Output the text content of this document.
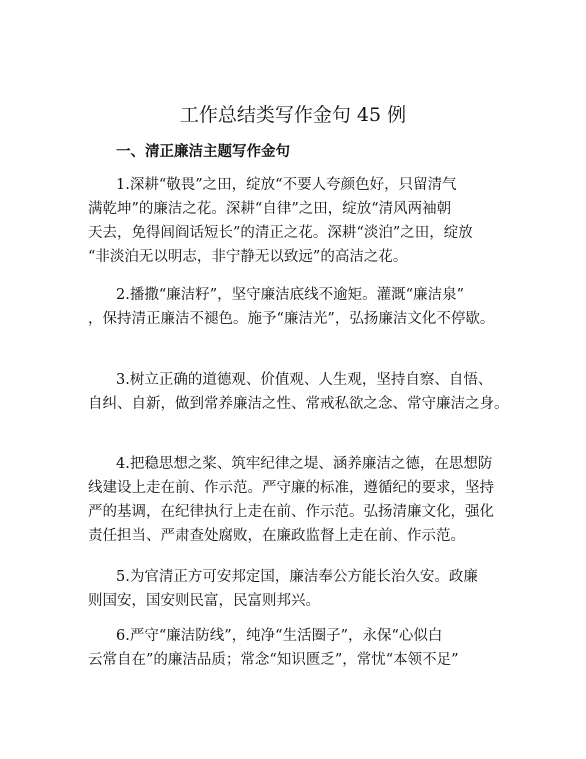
工作总结类写作金句 45 例
一、清正廉洁主题写作金句
1.深耕“敬畏”之田，绽放“不要人夸颜色好，只留清气
满乾坤”的廉洁之花。深耕“自律”之田，绽放“清风两袖朝
天去，免得闾阎话短长”的清正之花。深耕“淡泊”之田，绽放
“非淡泊无以明志，非宁静无以致远”的高洁之花。
2.播撒“廉洁籽”，坚守廉洁底线不逾矩。灌溉“廉洁泉”
，保持清正廉洁不褪色。施予“廉洁光”，弘扬廉洁文化不停歇。
3.树立正确的道德观、价值观、人生观，坚持自察、自悟、
自纠、自新，做到常养廉洁之性、常戒私欲之念、常守廉洁之身。
4.把稳思想之桨、筑牢纪律之堤、涵养廉洁之德，在思想防
线建设上走在前、作示范。严守廉的标准，遵循纪的要求，坚持
严的基调，在纪律执行上走在前、作示范。弘扬清廉文化，强化
责任担当、严肃查处腐败，在廉政监督上走在前、作示范。
5.为官清正方可安邦定国，廉洁奉公方能长治久安。政廉
则国安，国安则民富，民富则邦兴。
6.严守“廉洁防线”，纯净“生活圈子”，永保“心似白
云常自在”的廉洁品质；常念“知识匮乏”，常忧“本领不足”
